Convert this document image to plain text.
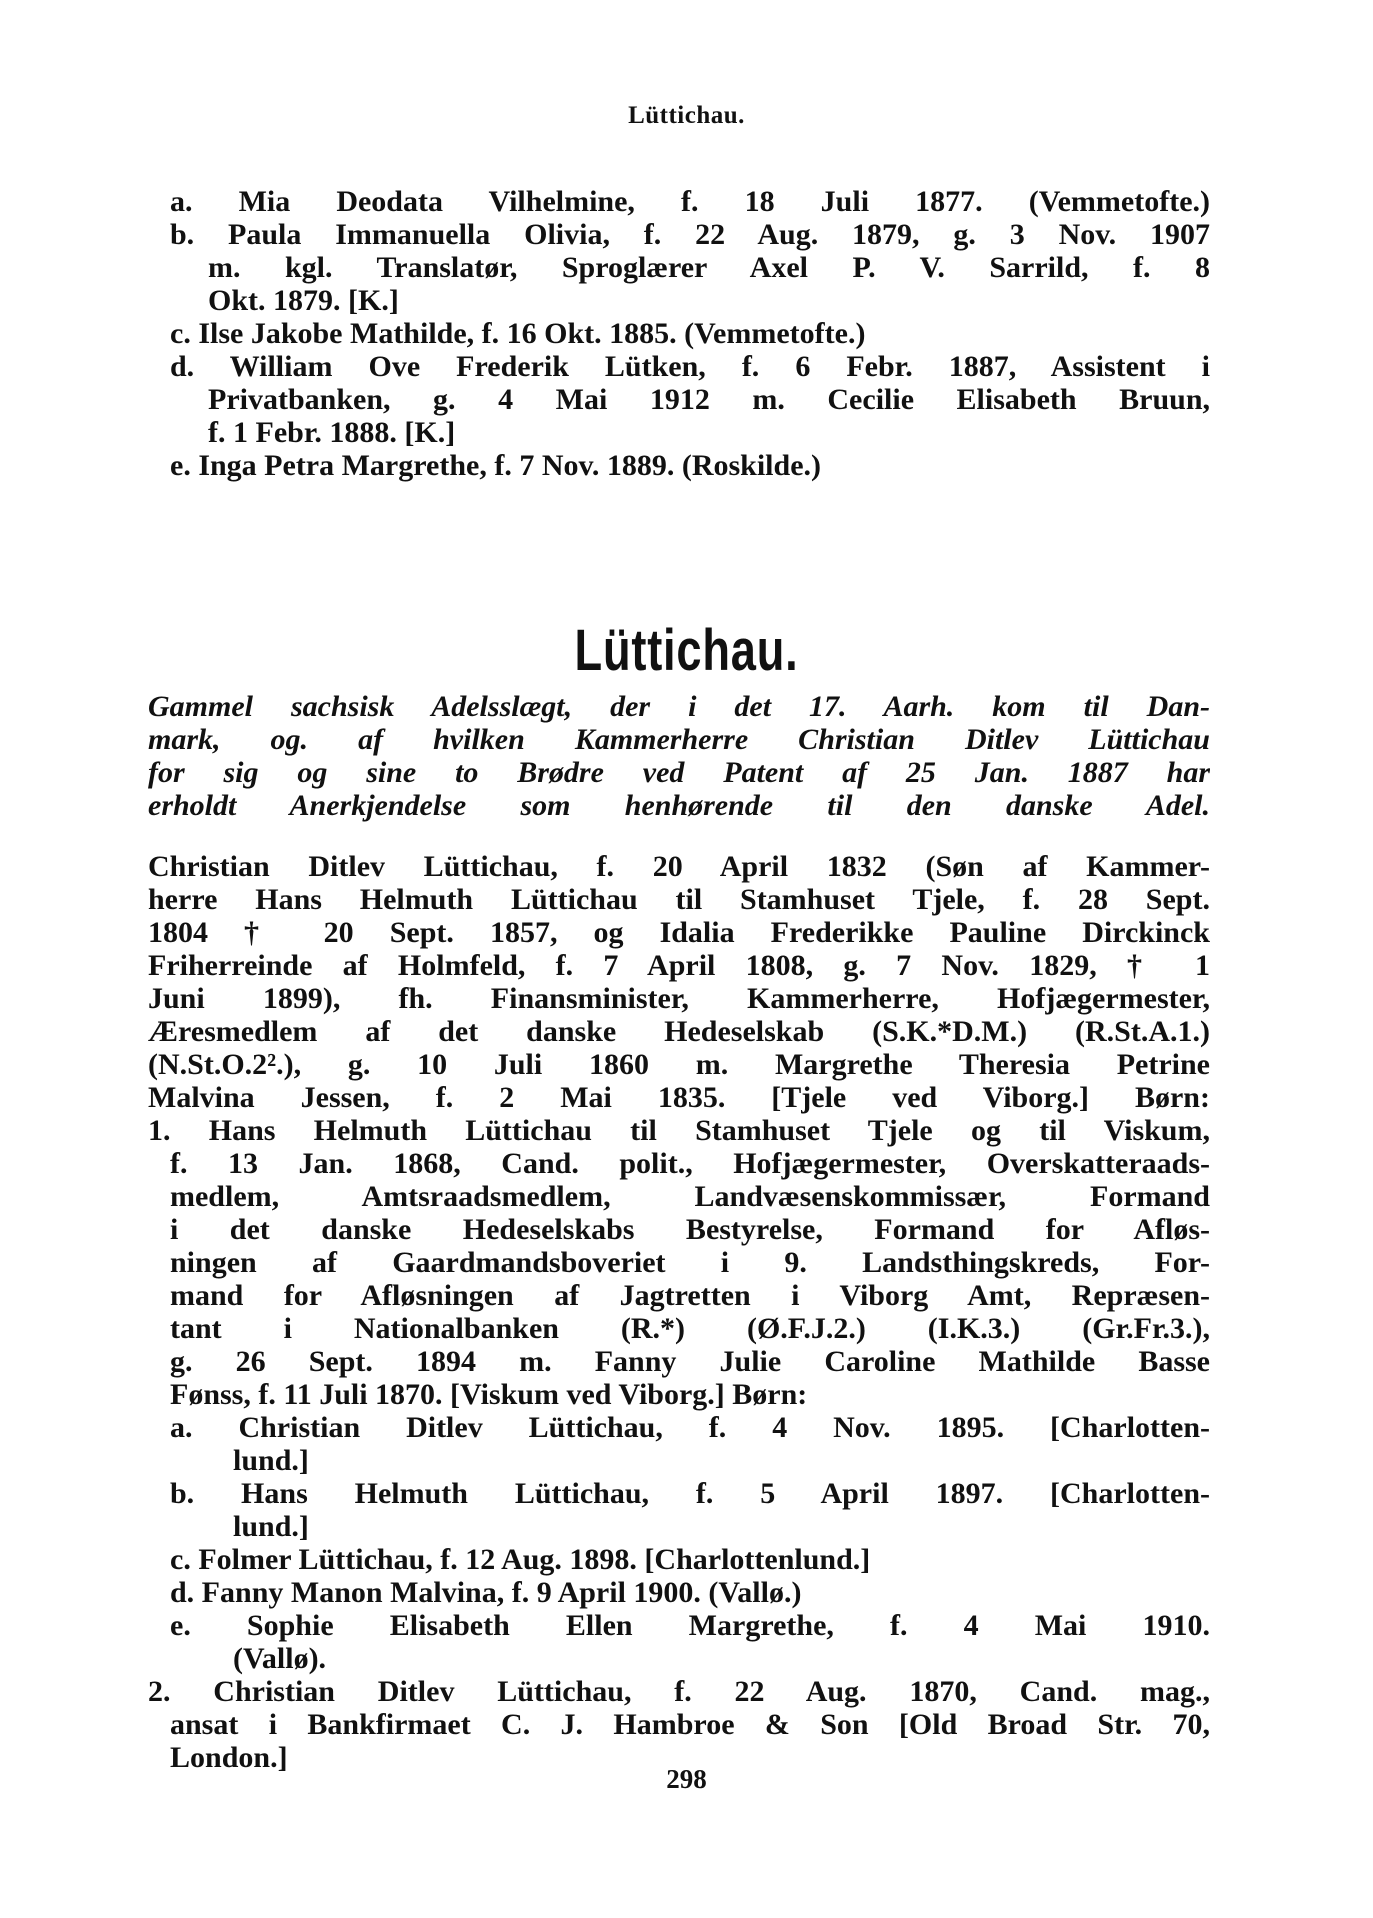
Lüttichau.
a. Mia Deodata Vilhelmine, f. 18 Juli 1877. (Vemmetofte.)
b. Paula Immanuella Olivia, f. 22 Aug. 1879, g. 3 Nov. 1907
m. kgl. Translatør, Sproglærer Axel P. V. Sarrild, f. 8
Okt. 1879. [K.]
c. Ilse Jakobe Mathilde, f. 16 Okt. 1885. (Vemmetofte.)
d. William Ove Frederik Lütken, f. 6 Febr. 1887, Assistent i
Privatbanken, g. 4 Mai 1912 m. Cecilie Elisabeth Bruun,
f. 1 Febr. 1888. [K.]
e. Inga Petra Margrethe, f. 7 Nov. 1889. (Roskilde.)
Lüttichau.
Gammel sachsisk Adelsslægt, der i det 17. Aarh. kom til Dan-
mark, og. af hvilken Kammerherre Christian Ditlev Lüttichau
for sig og sine to Brødre ved Patent af 25 Jan. 1887 har
erholdt Anerkjendelse som henhørende til den danske Adel.
Christian Ditlev Lüttichau, f. 20 April 1832 (Søn af Kammer-
herre Hans Helmuth Lüttichau til Stamhuset Tjele, f. 28 Sept.
1804 † 20 Sept. 1857, og Idalia Frederikke Pauline Dirckinck
Friherreinde af Holmfeld, f. 7 April 1808, g. 7 Nov. 1829, † 1
Juni 1899), fh. Finansminister, Kammerherre, Hofjægermester,
Æresmedlem af det danske Hedeselskab (S.K.*D.M.) (R.St.A.1.)
(N.St.O.2².), g. 10 Juli 1860 m. Margrethe Theresia Petrine
Malvina Jessen, f. 2 Mai 1835. [Tjele ved Viborg.] Børn:
1. Hans Helmuth Lüttichau til Stamhuset Tjele og til Viskum,
f. 13 Jan. 1868, Cand. polit., Hofjægermester, Overskatteraads-
medlem, Amtsraadsmedlem, Landvæsenskommissær, Formand
i det danske Hedeselskabs Bestyrelse, Formand for Afløs-
ningen af Gaardmandsboveriet i 9. Landsthingskreds, For-
mand for Afløsningen af Jagtretten i Viborg Amt, Repræsen-
tant i Nationalbanken (R.*) (Ø.F.J.2.) (I.K.3.) (Gr.Fr.3.),
g. 26 Sept. 1894 m. Fanny Julie Caroline Mathilde Basse
Fønss, f. 11 Juli 1870. [Viskum ved Viborg.] Børn:
a. Christian Ditlev Lüttichau, f. 4 Nov. 1895. [Charlotten-
lund.]
b. Hans Helmuth Lüttichau, f. 5 April 1897. [Charlotten-
lund.]
c. Folmer Lüttichau, f. 12 Aug. 1898. [Charlottenlund.]
d. Fanny Manon Malvina, f. 9 April 1900. (Vallø.)
e. Sophie Elisabeth Ellen Margrethe, f. 4 Mai 1910.
(Vallø).
2. Christian Ditlev Lüttichau, f. 22 Aug. 1870, Cand. mag.,
ansat i Bankfirmaet C. J. Hambroe & Son [Old Broad Str. 70,
London.]
298
